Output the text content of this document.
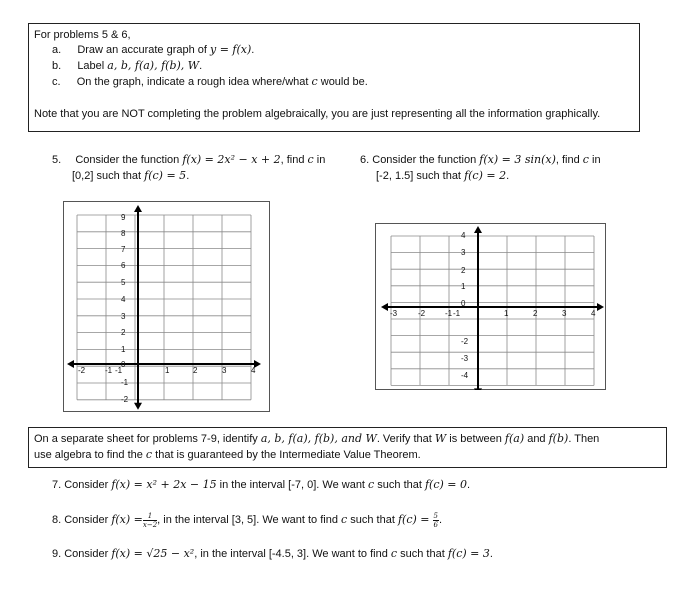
For problems 5 & 6,
a. Draw an accurate graph of y = f(x).
b. Label a, b, f(a), f(b), W.
c. On the graph, indicate a rough idea where/what c would be.
Note that you are NOT completing the problem algebraically, you are just representing all the information graphically.
5. Consider the function f(x) = 2x² − x + 2, find c in
[0,2] such that f(c) = 5.
6. Consider the function f(x) = 3 sin(x), find c in
[-2, 1.5] such that f(c) = 2.
-2 -1 -1	1	2	3	4
9
8
7
6
5
4
3
2
1
0
-1
-2
-3	-2 -1 -1	1	2	3	4
4
3
2
1
0
-2
-3
-4
On a separate sheet for problems 7-9, identify a, b, f(a), f(b), and W. Verify that W is between f(a) and f(b). Then
use algebra to find the c that is guaranteed by the Intermediate Value Theorem.
7. Consider f(x) = x² + 2x − 15 in the interval [-7, 0]. We want c such that f(c) = 0.
8. Consider $f(x) = \frac{1}{x-2}$ , in the interval [3, 5]. We want to find c such that $f(c) = \frac{5}{6}$ .
9. Consider f(x) = √25 − x², in the interval [-4.5, 3]. We want to find c such that f(c) = 3.
